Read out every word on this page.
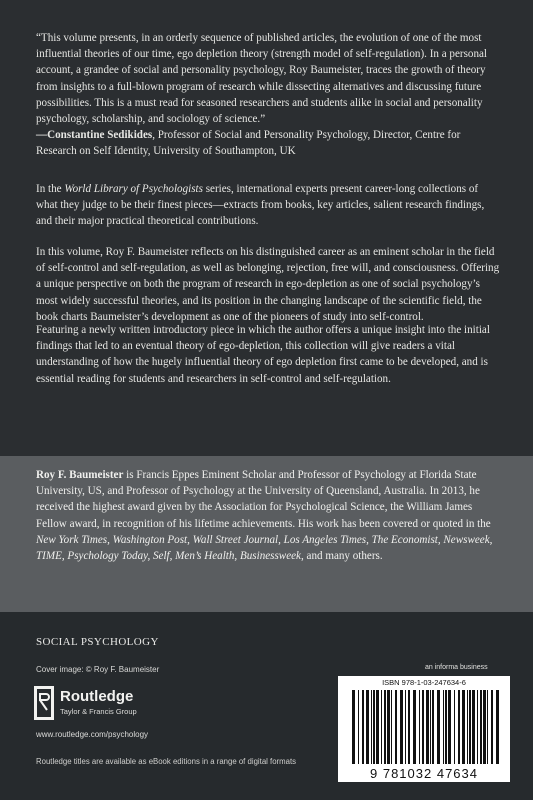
“This volume presents, in an orderly sequence of published articles, the evolution of one of the most influential theories of our time, ego depletion theory (strength model of self-regulation). In a personal account, a grandee of social and personality psychology, Roy Baumeister, traces the growth of theory from insights to a full-blown program of research while dissecting alternatives and discussing future possibilities. This is a must read for seasoned researchers and students alike in social and personality psychology, scholarship, and sociology of science.”
—Constantine Sedikides, Professor of Social and Personality Psychology, Director, Centre for Research on Self Identity, University of Southampton, UK

In the World Library of Psychologists series, international experts present career-long collections of what they judge to be their finest pieces—extracts from books, key articles, salient research findings, and their major practical theoretical contributions.

In this volume, Roy F. Baumeister reflects on his distinguished career as an eminent scholar in the field of self-control and self-regulation, as well as belonging, rejection, free will, and consciousness. Offering a unique perspective on both the program of research in ego-depletion as one of social psychology’s most widely successful theories, and its position in the changing landscape of the scientific field, the book charts Baumeister’s development as one of the pioneers of study into self-control.

Featuring a newly written introductory piece in which the author offers a unique insight into the initial findings that led to an eventual theory of ego-depletion, this collection will give readers a vital understanding of how the hugely influential theory of ego depletion first came to be developed, and is essential reading for students and researchers in self-control and self-regulation.

Roy F. Baumeister is Francis Eppes Eminent Scholar and Professor of Psychology at Florida State University, US, and Professor of Psychology at the University of Queensland, Australia. In 2013, he received the highest award given by the Association for Psychological Science, the William James Fellow award, in recognition of his lifetime achievements. His work has been covered or quoted in the New York Times, Washington Post, Wall Street Journal, Los Angeles Times, The Economist, Newsweek, TIME, Psychology Today, Self, Men’s Health, Businessweek, and many others.

SOCIAL PSYCHOLOGY
Cover image: © Roy F. Baumeister
Routledge
Taylor & Francis Group
www.routledge.com/psychology
Routledge titles are available as eBook editions in a range of digital formats
an informa business
ISBN 978-1-03-247634-6
9 781032 47634
